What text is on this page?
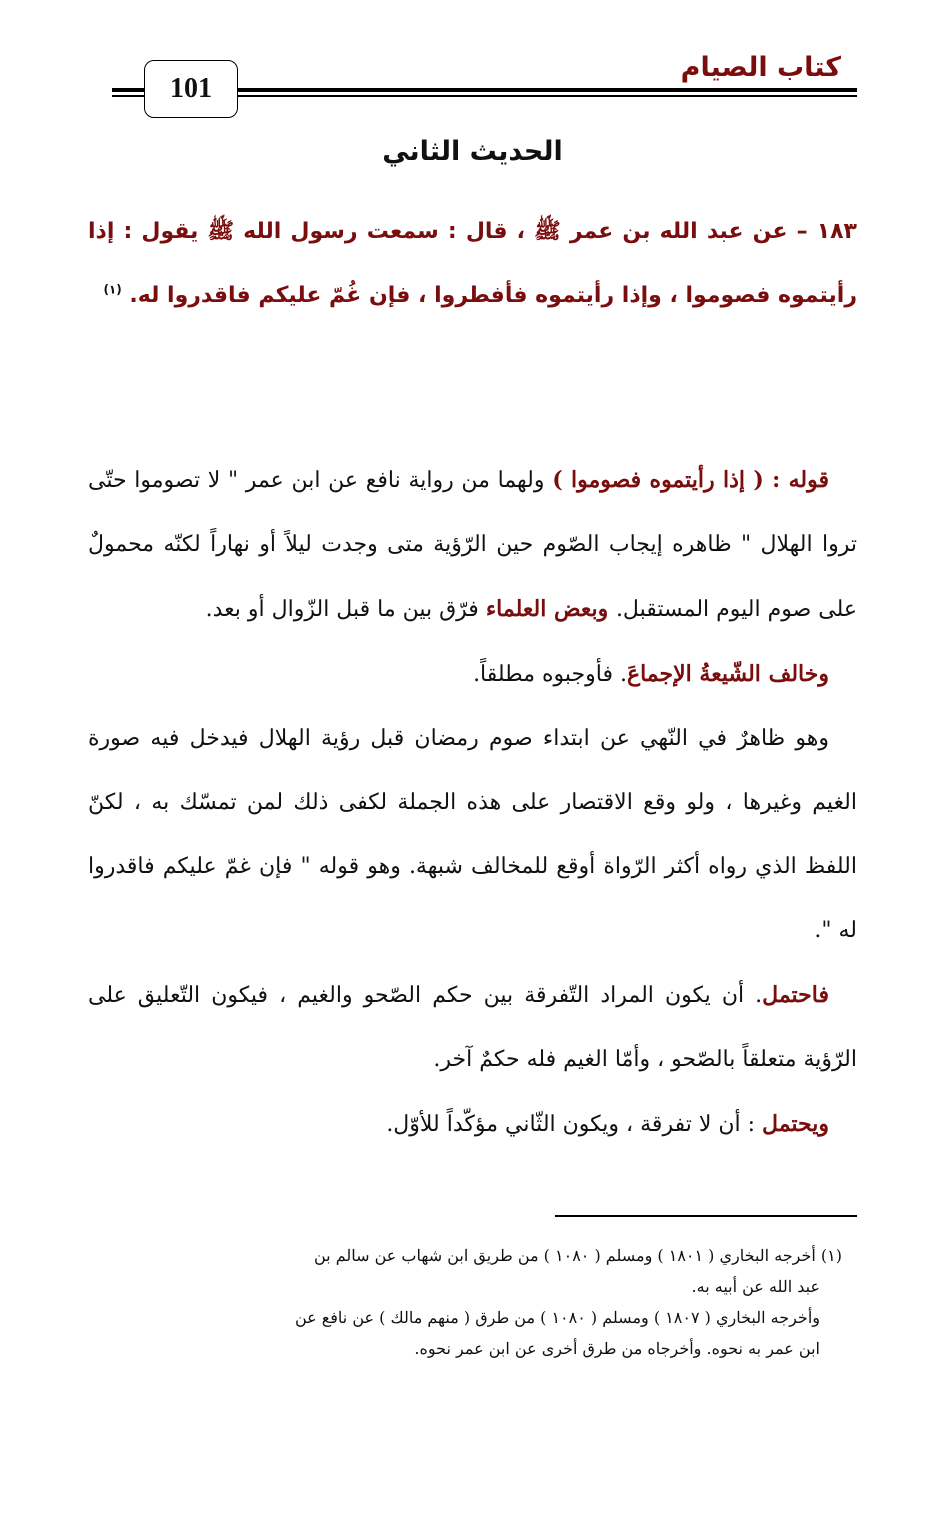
كتاب الصيام
101
الحديث الثاني

١٨٣ – عن عبد الله بن عمر ﷺ ، قال : سمعت رسول الله ﷺ يقول : إذا رأيتموه فصوموا ، وإذا رأيتموه فأفطروا ، فإن غُمّ عليكم فاقدروا له. $^{(١)}$

قوله : ( إذا رأيتموه فصوموا ) ولهما من رواية نافع عن ابن عمر " لا تصوموا حتّى تروا الهلال " ظاهره إيجاب الصّوم حين الرّؤية متى وجدت ليلاً أو نهاراً لكنّه محمولٌ على صوم اليوم المستقبل. وبعض العلماء فرّق بين ما قبل الزّوال أو بعد.

وخالف الشّيعةُ الإجماعَ. فأوجبوه مطلقاً.

وهو ظاهرٌ في النّهي عن ابتداء صوم رمضان قبل رؤية الهلال فيدخل فيه صورة الغيم وغيرها ، ولو وقع الاقتصار على هذه الجملة لكفى ذلك لمن تمسّك به ، لكنّ اللفظ الذي رواه أكثر الرّواة أوقع للمخالف شبهة. وهو قوله " فإن غمّ عليكم فاقدروا له ".

فاحتمل. أن يكون المراد التّفرقة بين حكم الصّحو والغيم ، فيكون التّعليق على الرّؤية متعلقاً بالصّحو ، وأمّا الغيم فله حكمٌ آخر.

ويحتمل : أن لا تفرقة ، ويكون الثّاني مؤكّداً للأوّل.

(١) أخرجه البخاري ( ١٨٠١ ) ومسلم ( ١٠٨٠ ) من طريق ابن شهاب عن سالم بن

عبد الله عن أبيه به.

وأخرجه البخاري ( ١٨٠٧ ) ومسلم ( ١٠٨٠ ) من طرق ( منهم مالك ) عن نافع عن

ابن عمر به نحوه. وأخرجاه من طرق أخرى عن ابن عمر نحوه.
